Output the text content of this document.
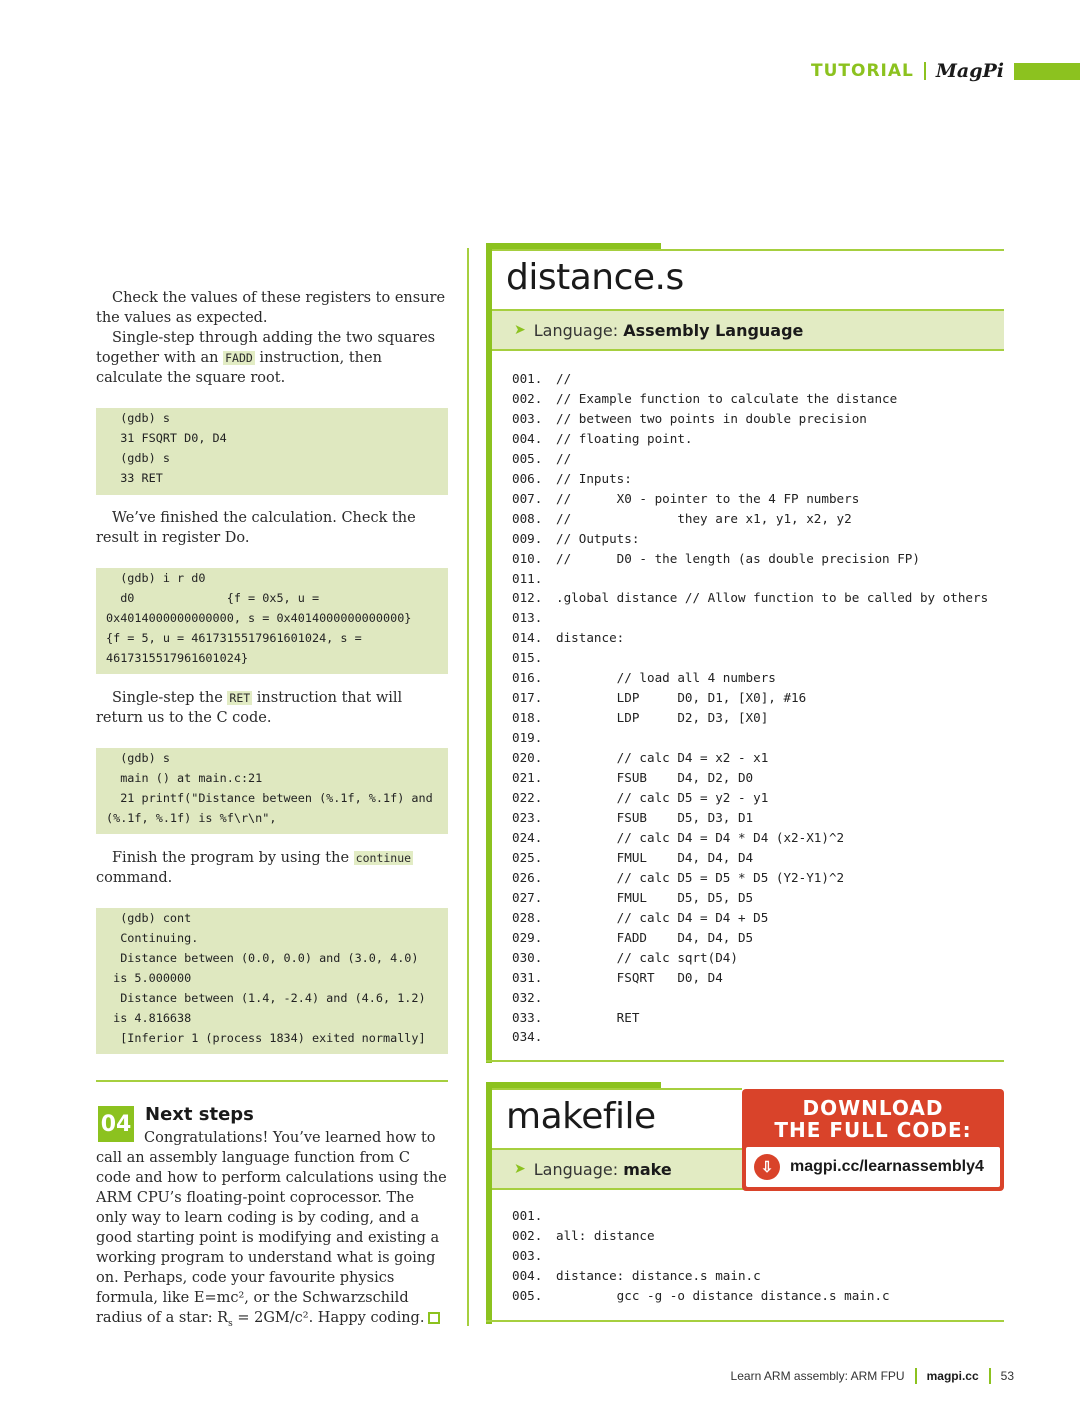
TUTORIAL MagPi
Check the values of these registers to ensure the values as expected.
Single-step through adding the two squares together with an FADD instruction, then calculate the square root.
(gdb) s
31 FSQRT D0, D4
(gdb) s
33 RET
We’ve finished the calculation. Check the result in register Do.
(gdb) i r d0
d0             {f = 0x5, u =
0x4014000000000000, s = 0x4014000000000000}
{f = 5, u = 4617315517961601024, s =
4617315517961601024}
Single-step the RET instruction that will return us to the C code.
(gdb) s
main () at main.c:21
21 printf("Distance between (%.1f, %.1f) and
(%.1f, %.1f) is %f\r\n",
Finish the program by using the continue command.
(gdb) cont
Continuing.
Distance between (0.0, 0.0) and (3.0, 4.0)
is 5.000000
Distance between (1.4, -2.4) and (4.6, 1.2)
is 4.816638
[Inferior 1 (process 1834) exited normally]
04 Next steps
Congratulations! You’ve learned how to call an assembly language function from C code and how to perform calculations using the ARM CPU’s floating-point coprocessor. The only way to learn coding is by coding, and a good starting point is modifying and existing a working program to understand what is going on. Perhaps, code your favourite physics formula, like E=mc², or the Schwarzschild radius of a star: $R_s = 2GM/c^2$. Happy coding.
distance.s
➤ Language:
Assembly Language
001. //
002. // Example function to calculate the distance
003. // between two points in double precision
004. // floating point.
005. //
006. // Inputs:
007. //      X0 - pointer to the 4 FP numbers
008. //              they are x1, y1, x2, y2
009. // Outputs:
010. //      D0 - the length (as double precision FP)
011.
012. .global distance // Allow function to be called by others
013.
014. distance:
015.
016.        // load all 4 numbers
017.        LDP     D0, D1, [X0], #16
018.        LDP     D2, D3, [X0]
019.
020.        // calc D4 = x2 - x1
021.        FSUB    D4, D2, D0
022.        // calc D5 = y2 - y1
023.        FSUB    D5, D3, D1
024.        // calc D4 = D4 * D4 (x2-X1)^2
025.        FMUL    D4, D4, D4
026.        // calc D5 = D5 * D5 (Y2-Y1)^2
027.        FMUL    D5, D5, D5
028.        // calc D4 = D4 + D5
029.        FADD    D4, D4, D5
030.        // calc sqrt(D4)
031.        FSQRT   D0, D4
032.
033.        RET
034.
makefile
➤ Language:
make
001.
002. all: distance
003.
004. distance: distance.s main.c
005.        gcc -g -o distance distance.s main.c
DOWNLOAD
THE FULL CODE:
⇩	magpi.cc/learnassembly4
Learn ARM assembly: ARM FPU magpi.cc 53
